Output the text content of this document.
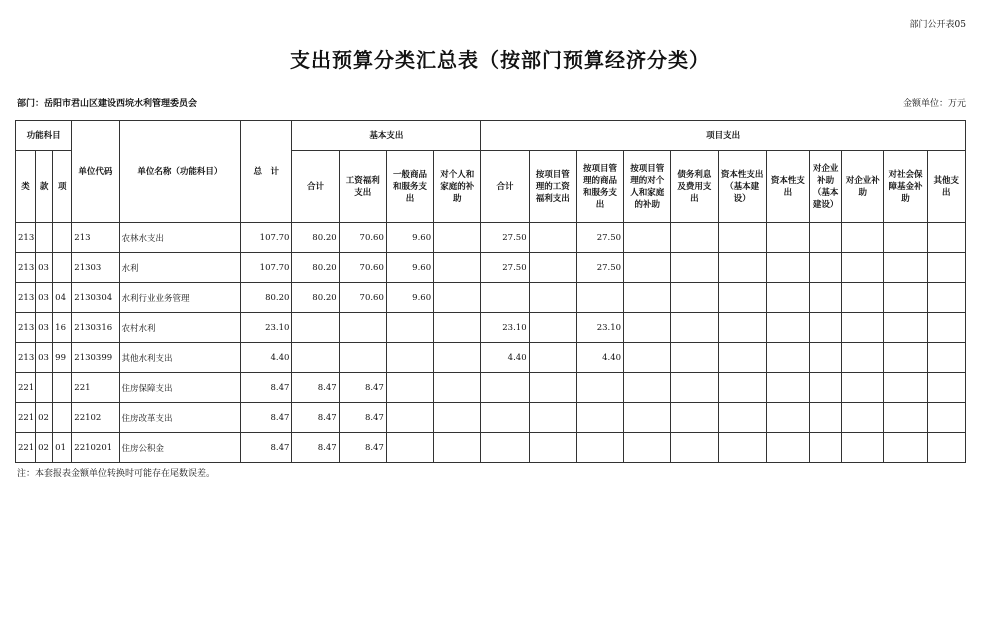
部门公开表05
支出预算分类汇总表（按部门预算经济分类）
部门：岳阳市君山区建设西垸水利管理委员会	金额单位：万元
功能科目			单位代码	单位名称（功能科目）	总　计	基本支出				项目支出										
类	款	项				合计	工资福利支出	一般商品和服务支出	对个人和家庭的补助	合计	按项目管理的工资福利支出	按项目管理的商品和服务支出	按项目管理的对个人和家庭的补助	债务利息及费用支出	资本性支出（基本建设）	资本性支出	对企业补助（基本建设）	对企业补助	对社会保障基金补助	其他支出
213			213	农林水支出	107.70	80.20	70.60	9.60		27.50		27.50								
213	03		21303	水利	107.70	80.20	70.60	9.60		27.50		27.50								
213	03	04	2130304	水利行业业务管理	80.20	80.20	70.60	9.60												
213	03	16	2130316	农村水利	23.10					23.10		23.10								
213	03	99	2130399	其他水利支出	4.40					4.40		4.40								
221			221	住房保障支出	8.47	8.47	8.47													
221	02		22102	住房改革支出	8.47	8.47	8.47													
221	02	01	2210201	住房公积金	8.47	8.47	8.47													
注：本套报表金额单位转换时可能存在尾数误差。
